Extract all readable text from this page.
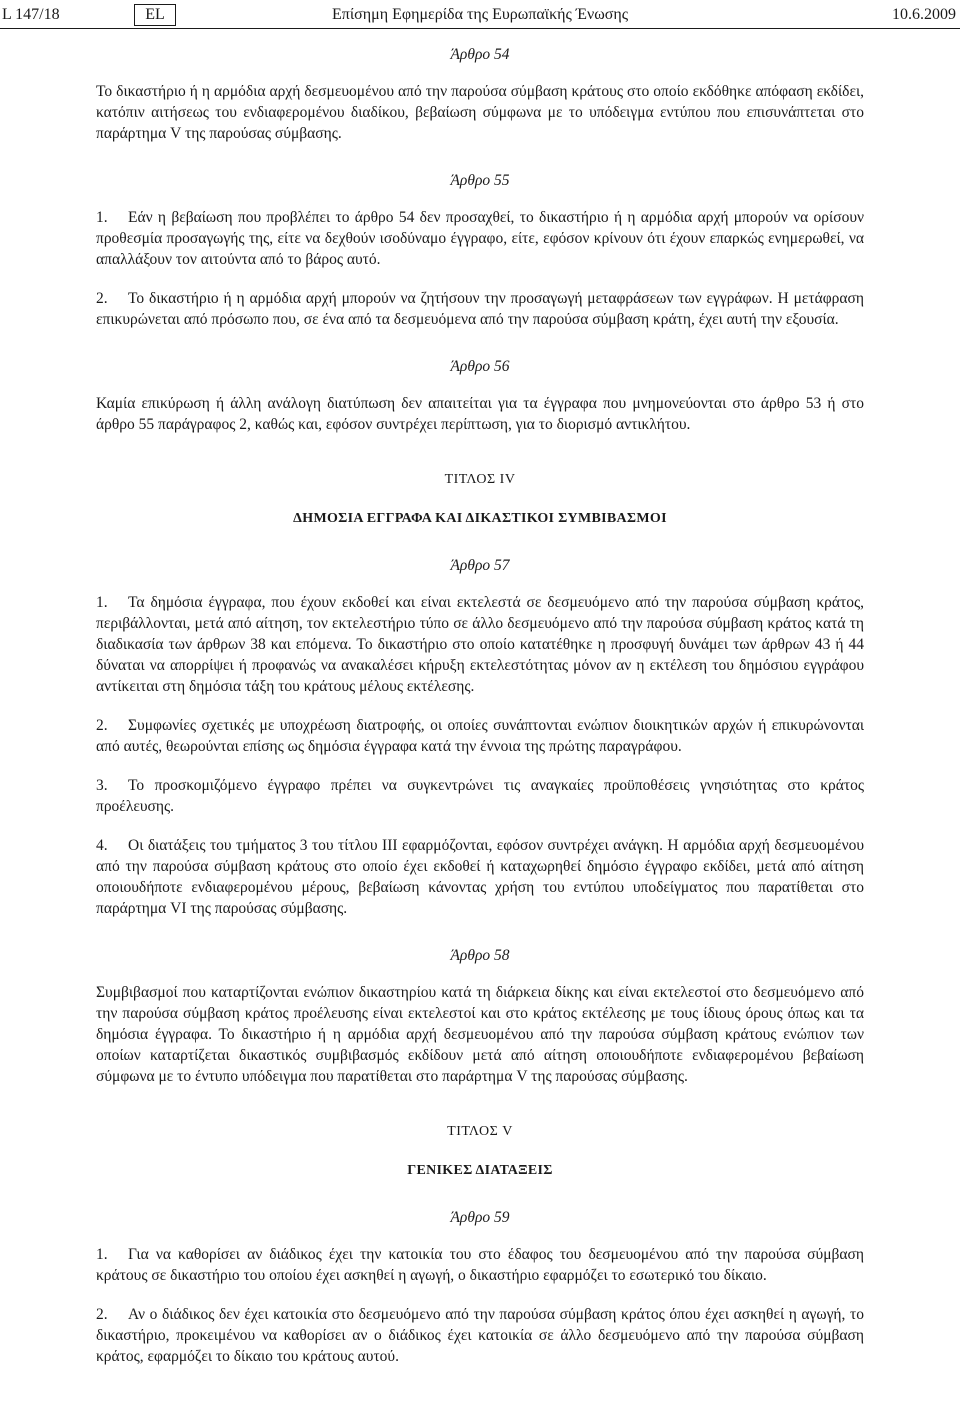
L 147/18	EL	Επίσημη Εφημερίδα της Ευρωπαϊκής Ένωσης	10.6.2009
Άρθρο 54

Το δικαστήριο ή η αρμόδια αρχή δεσμευομένου από την παρούσα σύμβαση κράτους στο οποίο εκδόθηκε απόφαση εκδίδει, κατόπιν αιτήσεως του ενδιαφερομένου διαδίκου, βεβαίωση σύμφωνα με το υπόδειγμα εντύπου που επισυνάπτεται στο παράρτημα V της παρούσας σύμβασης.

Άρθρο 55

1. Εάν η βεβαίωση που προβλέπει το άρθρο 54 δεν προσαχθεί, το δικαστήριο ή η αρμόδια αρχή μπορούν να ορίσουν προθεσμία προσαγωγής της, είτε να δεχθούν ισοδύναμο έγγραφο, είτε, εφόσον κρίνουν ότι έχουν επαρκώς ενημερωθεί, να απαλλάξουν τον αιτούντα από το βάρος αυτό.

2. Το δικαστήριο ή η αρμόδια αρχή μπορούν να ζητήσουν την προσαγωγή μεταφράσεων των εγγράφων. Η μετάφραση επικυρώνεται από πρόσωπο που, σε ένα από τα δεσμευόμενα από την παρούσα σύμβαση κράτη, έχει αυτή την εξουσία.

Άρθρο 56

Καμία επικύρωση ή άλλη ανάλογη διατύπωση δεν απαιτείται για τα έγγραφα που μνημονεύονται στο άρθρο 53 ή στο άρθρο 55 παράγραφος 2, καθώς και, εφόσον συντρέχει περίπτωση, για το διορισμό αντικλήτου.

ΤΙΤΛΟΣ IV
ΔΗΜΟΣΙΑ ΕΓΓΡΑΦΑ ΚΑΙ ΔΙΚΑΣΤΙΚΟΙ ΣΥΜΒΙΒΑΣΜΟΙ
Άρθρο 57

1. Τα δημόσια έγγραφα, που έχουν εκδοθεί και είναι εκτελεστά σε δεσμευόμενο από την παρούσα σύμβαση κράτος, περιβάλλονται, μετά από αίτηση, τον εκτελεστήριο τύπο σε άλλο δεσμευόμενο από την παρούσα σύμβαση κράτος κατά τη διαδικασία των άρθρων 38 και επόμενα. Το δικαστήριο στο οποίο κατατέθηκε η προσφυγή δυνάμει των άρθρων 43 ή 44 δύναται να απορρίψει ή προφανώς να ανακαλέσει κήρυξη εκτελεστότητας μόνον αν η εκτέλεση του δημόσιου εγγράφου αντίκειται στη δημόσια τάξη του κράτους μέλους εκτέλεσης.

2. Συμφωνίες σχετικές με υποχρέωση διατροφής, οι οποίες συνάπτονται ενώπιον διοικητικών αρχών ή επικυρώνονται από αυτές, θεωρούνται επίσης ως δημόσια έγγραφα κατά την έννοια της πρώτης παραγράφου.

3. Το προσκομιζόμενο έγγραφο πρέπει να συγκεντρώνει τις αναγκαίες προϋποθέσεις γνησιότητας στο κράτος προέλευσης.

4. Οι διατάξεις του τμήματος 3 του τίτλου III εφαρμόζονται, εφόσον συντρέχει ανάγκη. Η αρμόδια αρχή δεσμευομένου από την παρούσα σύμβαση κράτους στο οποίο έχει εκδοθεί ή καταχωρηθεί δημόσιο έγγραφο εκδίδει, μετά από αίτηση οποιουδήποτε ενδιαφερομένου μέρους, βεβαίωση κάνοντας χρήση του εντύπου υποδείγματος που παρατίθεται στο παράρτημα VI της παρούσας σύμβασης.

Άρθρο 58

Συμβιβασμοί που καταρτίζονται ενώπιον δικαστηρίου κατά τη διάρκεια δίκης και είναι εκτελεστοί στο δεσμευόμενο από την παρούσα σύμβαση κράτος προέλευσης είναι εκτελεστοί και στο κράτος εκτέλεσης με τους ίδιους όρους όπως και τα δημόσια έγγραφα. Το δικαστήριο ή η αρμόδια αρχή δεσμευομένου από την παρούσα σύμβαση κράτους ενώπιον των οποίων καταρτίζεται δικαστικός συμβιβασμός εκδίδουν μετά από αίτηση οποιουδήποτε ενδιαφερομένου βεβαίωση σύμφωνα με το έντυπο υπόδειγμα που παρατίθεται στο παράρτημα V της παρούσας σύμβασης.

ΤΙΤΛΟΣ V
ΓΕΝΙΚΕΣ ΔΙΑΤΑΞΕΙΣ
Άρθρο 59

1. Για να καθορίσει αν διάδικος έχει την κατοικία του στο έδαφος του δεσμευομένου από την παρούσα σύμβαση κράτους σε δικαστήριο του οποίου έχει ασκηθεί η αγωγή, ο δικαστήριο εφαρμόζει το εσωτερικό του δίκαιο.

2. Αν ο διάδικος δεν έχει κατοικία στο δεσμευόμενο από την παρούσα σύμβαση κράτος όπου έχει ασκηθεί η αγωγή, το δικαστήριο, προκειμένου να καθορίσει αν ο διάδικος έχει κατοικία σε άλλο δεσμευόμενο από την παρούσα σύμβαση κράτος, εφαρμόζει το δίκαιο του κράτους αυτού.
